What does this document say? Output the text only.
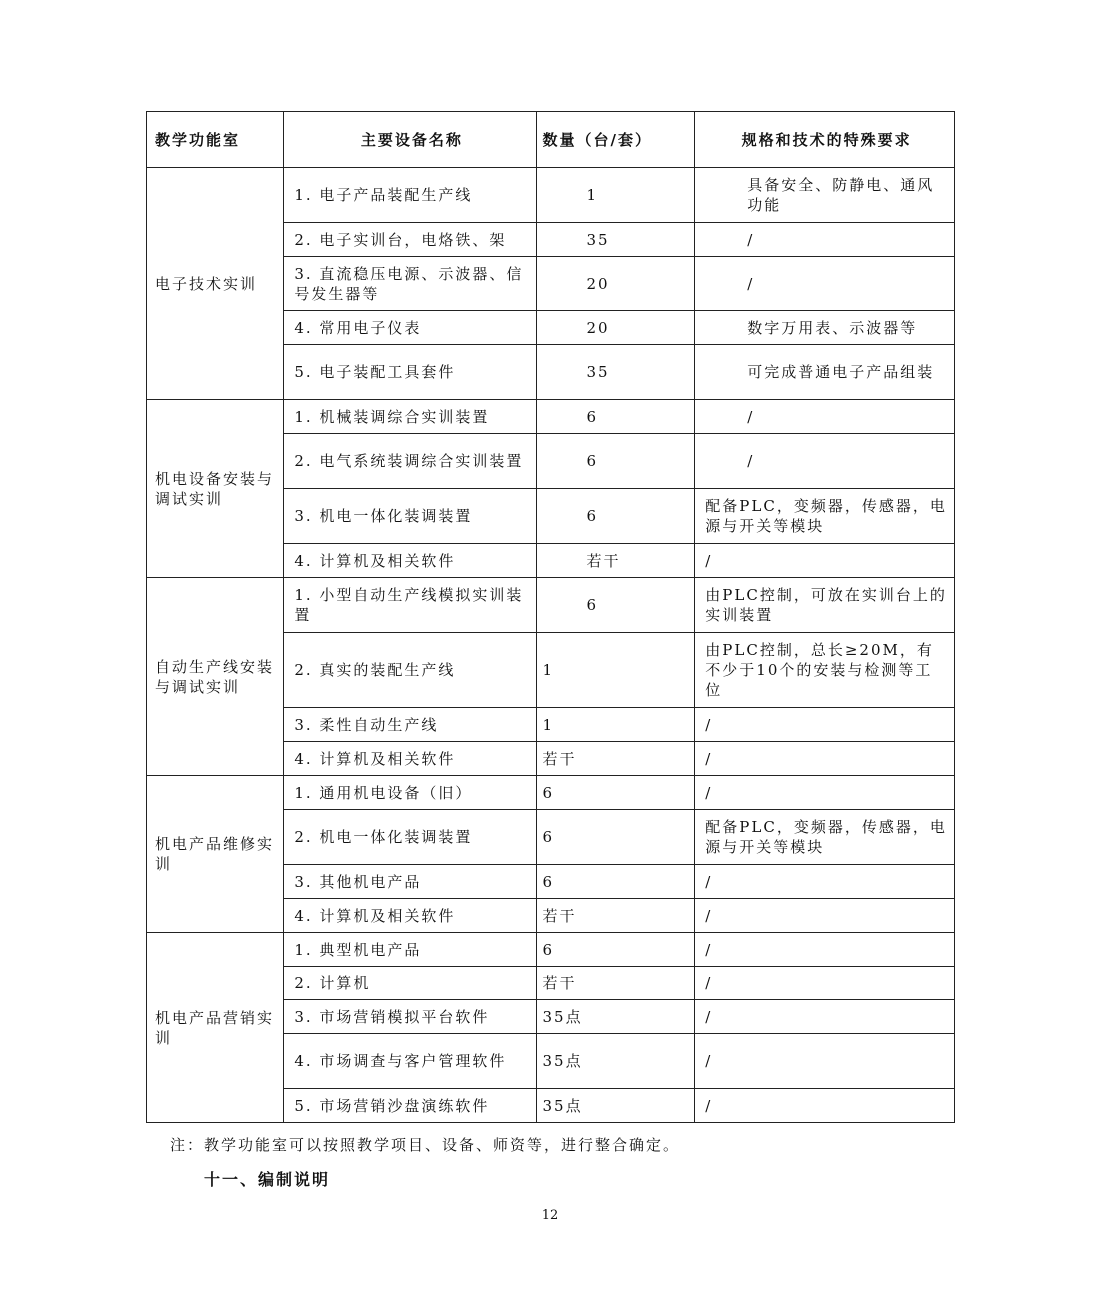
教学功能室	主要设备名称	数量（台/套）	规格和技术的特殊要求
电子技术实训	1. 电子产品装配生产线	1	具备安全、防静电、通风功能
	2. 电子实训台，电烙铁、架	35	/
	3. 直流稳压电源、示波器、信号发生器等	20	/
	4. 常用电子仪表	20	数字万用表、示波器等
	5. 电子装配工具套件	35	可完成普通电子产品组装
机电设备安装与调试实训	1. 机械装调综合实训装置	6	/
	2. 电气系统装调综合实训装置	6	/
	3. 机电一体化装调装置	6	配备PLC，变频器，传感器，电源与开关等模块
	4. 计算机及相关软件	若干	/
自动生产线安装与调试实训	1. 小型自动生产线模拟实训装置	6	由PLC控制，可放在实训台上的实训装置
	2. 真实的装配生产线	1	由PLC控制，总长≥20M，有不少于10个的安装与检测等工位
	3. 柔性自动生产线	1	/
	4. 计算机及相关软件	若干	/
机电产品维修实训	1. 通用机电设备（旧）	6	/
	2. 机电一体化装调装置	6	配备PLC，变频器，传感器，电源与开关等模块
	3. 其他机电产品	6	/
	4. 计算机及相关软件	若干	/
机电产品营销实训	1. 典型机电产品	6	/
	2. 计算机	若干	/
	3. 市场营销模拟平台软件	35点	/
	4. 市场调查与客户管理软件	35点	/
	5. 市场营销沙盘演练软件	35点	/
注：教学功能室可以按照教学项目、设备、师资等，进行整合确定。
十一、编制说明
12
